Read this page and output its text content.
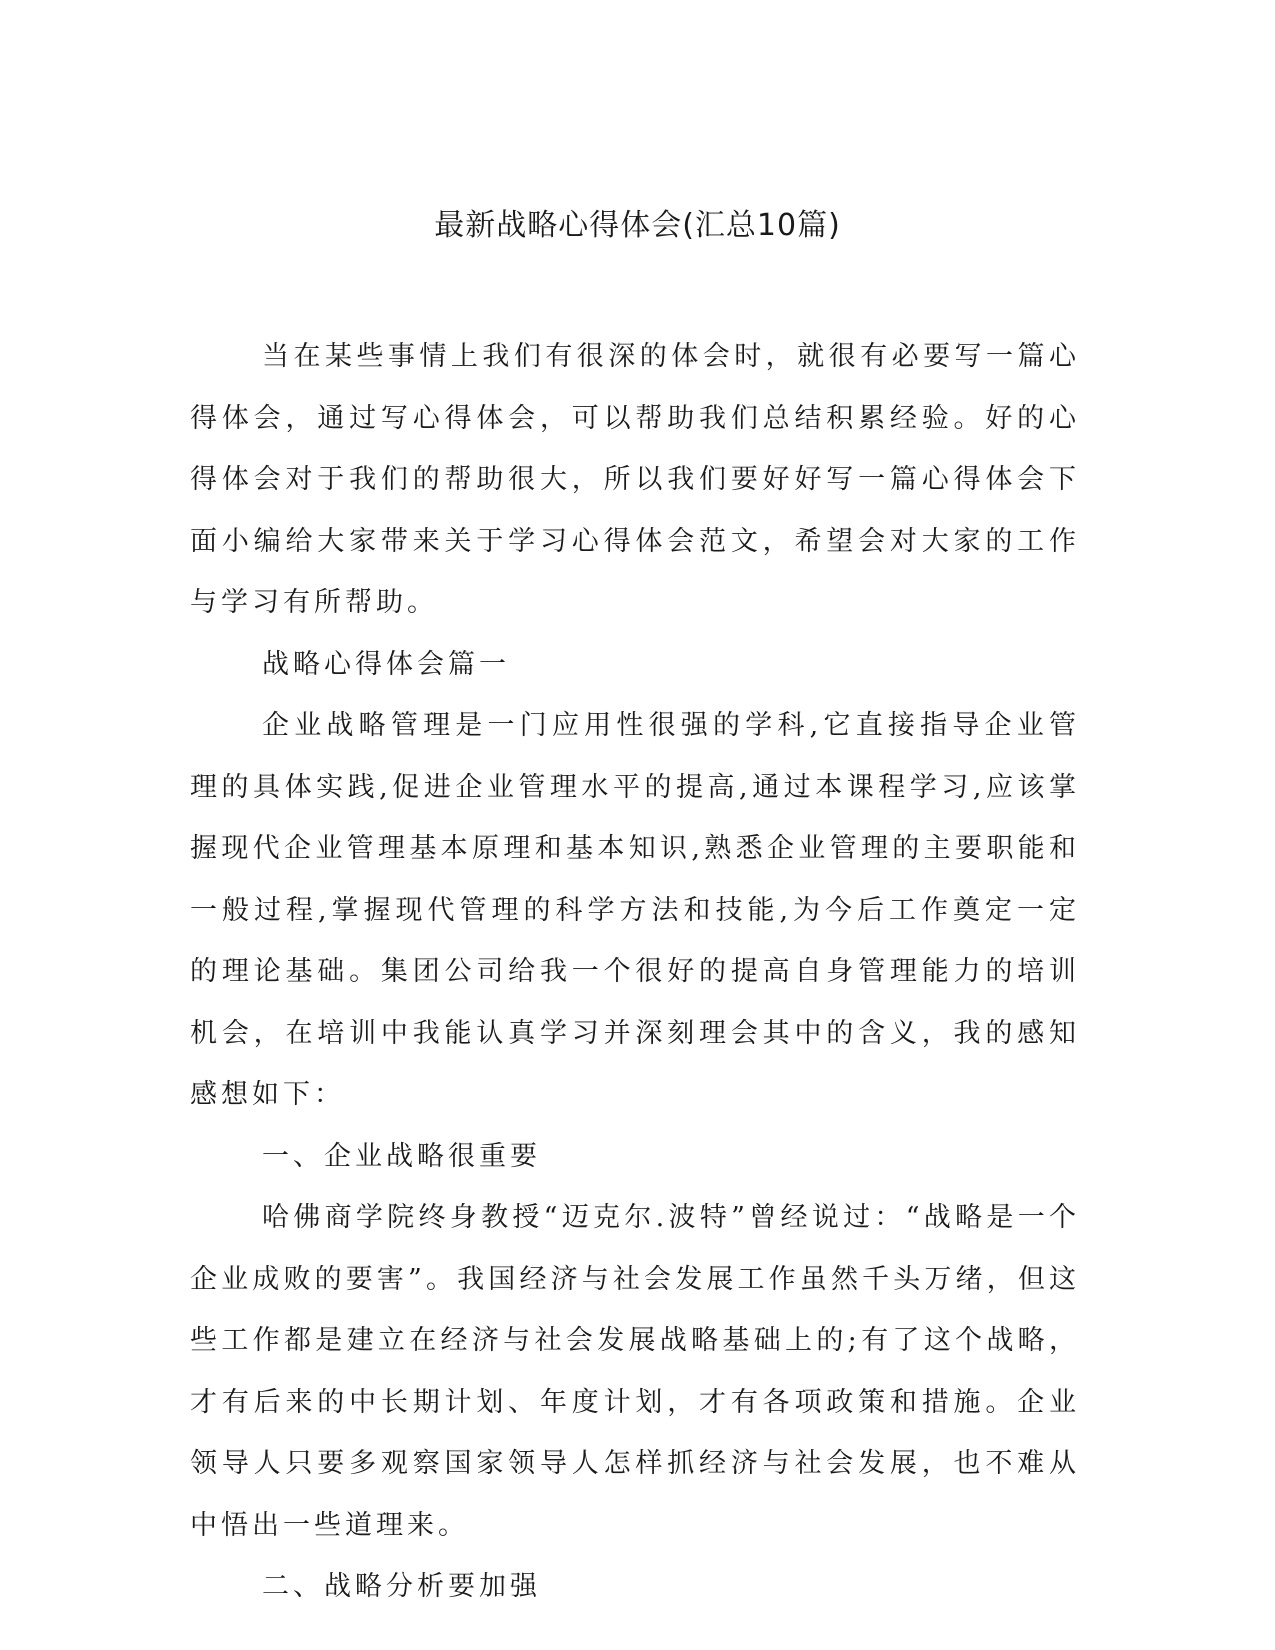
最新战略心得体会(汇总10篇)

当在某些事情上我们有很深的体会时，就很有必要写一篇心得体会，通过写心得体会，可以帮助我们总结积累经验。好的心得体会对于我们的帮助很大，所以我们要好好写一篇心得体会下面小编给大家带来关于学习心得体会范文，希望会对大家的工作与学习有所帮助。

战略心得体会篇一

企业战略管理是一门应用性很强的学科,它直接指导企业管理的具体实践,促进企业管理水平的提高,通过本课程学习,应该掌握现代企业管理基本原理和基本知识,熟悉企业管理的主要职能和一般过程,掌握现代管理的科学方法和技能,为今后工作奠定一定的理论基础。集团公司给我一个很好的提高自身管理能力的培训机会，在培训中我能认真学习并深刻理会其中的含义，我的感知感想如下：

一、企业战略很重要

哈佛商学院终身教授“迈克尔.波特”曾经说过：“战略是一个企业成败的要害”。我国经济与社会发展工作虽然千头万绪，但这些工作都是建立在经济与社会发展战略基础上的;有了这个战略，才有后来的中长期计划、年度计划，才有各项政策和措施。企业领导人只要多观察国家领导人怎样抓经济与社会发展，也不难从中悟出一些道理来。

二、战略分析要加强
